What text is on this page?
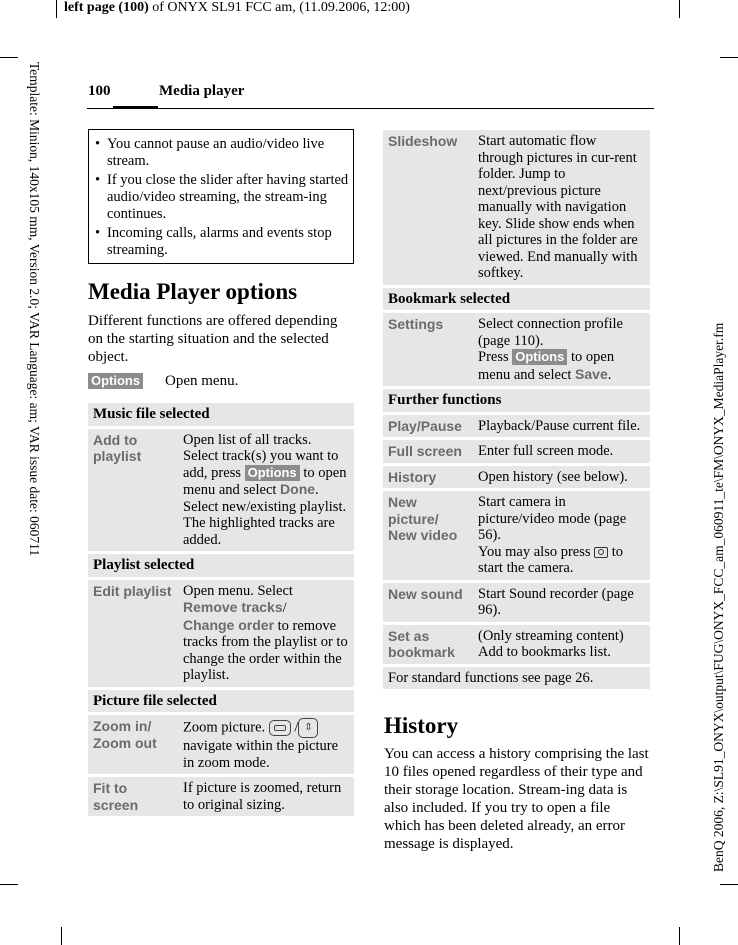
left page (100) of ONYX SL91 FCC am, (11.09.2006, 12:00)
Template: Minion, 140x105 mm, Version 2.0; VAR Language: am; VAR issue date: 060711
BenQ 2006, Z:\SL91_ONYX\output\FUG\ONYX_FCC_am_060911_te\FM\ONYX_MediaPlayer.fm
100	Media player
• You cannot pause an audio/video live stream.
• If you close the slider after having started audio/video streaming, the stream-ing continues.
• Incoming calls, alarms and events stop streaming.
Media Player options
Different functions are offered depending on the starting situation and the selected object.
Options Open menu.
Music file selected	
Add to playlist	Open list of all tracks. Select track(s) you want to add, press Options to open menu and select Done. Select new/existing playlist. The highlighted tracks are added.
Playlist selected	
Edit playlist	Open menu. Select Remove tracks/
Change order to remove tracks from the playlist or to change the order within the playlist.
Picture file selected	
Zoom in/
Zoom out	Zoom picture.  / ⇳ navigate within the picture in zoom mode.
Fit to screen	If picture is zoomed, return to original sizing.
Slideshow	Start automatic flow through pictures in cur-rent folder. Jump to next/previous picture manually with navigation key. Slide show ends when all pictures in the folder are viewed. End manually with softkey.
Bookmark selected	
Settings	Select connection profile (page 110).
Press Options to open menu and select Save.
Further functions	
Play/Pause	Playback/Pause current file.
Full screen	Enter full screen mode.
History	Open history (see below).
New picture/
New video	Start camera in picture/video mode (page 56).
You may also press  to start the camera.
New sound	Start Sound recorder (page 96).
Set as bookmark	(Only streaming content)
Add to bookmarks list.
For standard functions see page 26.	
History
You can access a history comprising the last 10 files opened regardless of their type and their storage location. Stream-ing data is also included. If you try to open a file which has been deleted already, an error message is displayed.
